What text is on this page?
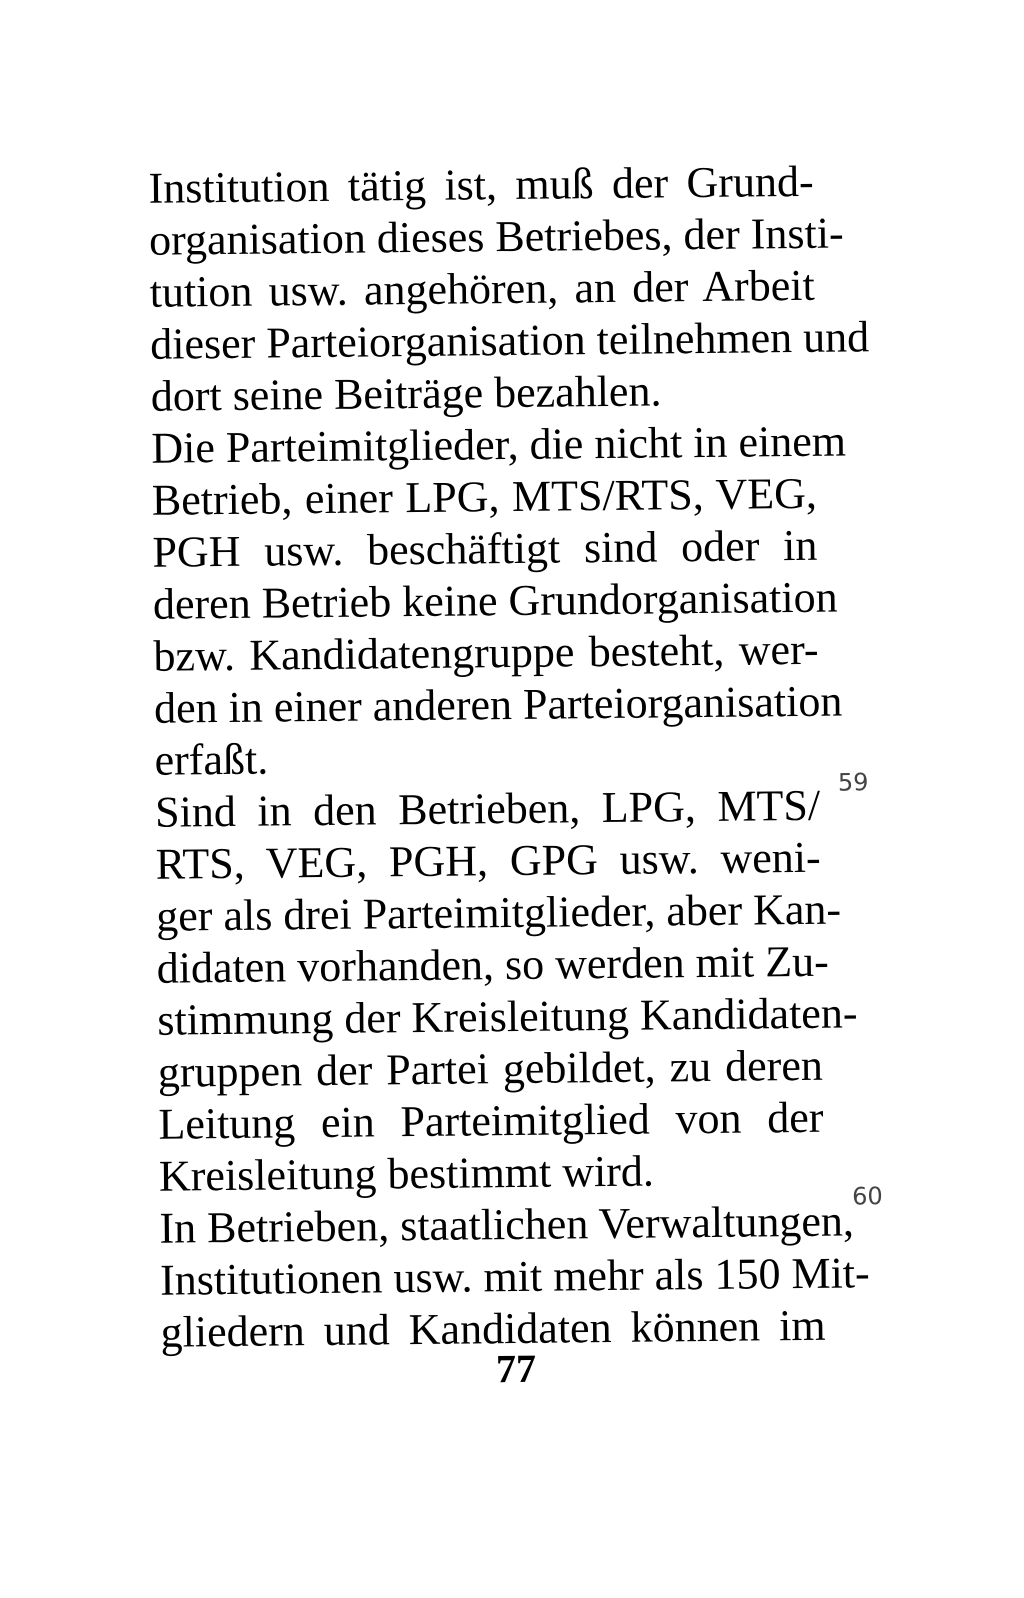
Institution tätig ist, muß der Grund-
organisation dieses Betriebes, der Insti-
tution usw. angehören, an der Arbeit
dieser Parteiorganisation teilnehmen und
dort seine Beiträge bezahlen.
Die Parteimitglieder, die nicht in einem
Betrieb, einer LPG, MTS/RTS, VEG,
PGH usw. beschäftigt sind oder in
deren Betrieb keine Grundorganisation
bzw. Kandidatengruppe besteht, wer-
den in einer anderen Parteiorganisation
erfaßt.
Sind in den Betrieben, LPG, MTS/
RTS, VEG, PGH, GPG usw. weni-
ger als drei Parteimitglieder, aber Kan-
didaten vorhanden, so werden mit Zu-
stimmung der Kreisleitung Kandidaten-
gruppen der Partei gebildet, zu deren
Leitung ein Parteimitglied von der
Kreisleitung bestimmt wird.
In Betrieben, staatlichen Verwaltungen,
Institutionen usw. mit mehr als 150 Mit-
gliedern und Kandidaten können im
59
60
77
